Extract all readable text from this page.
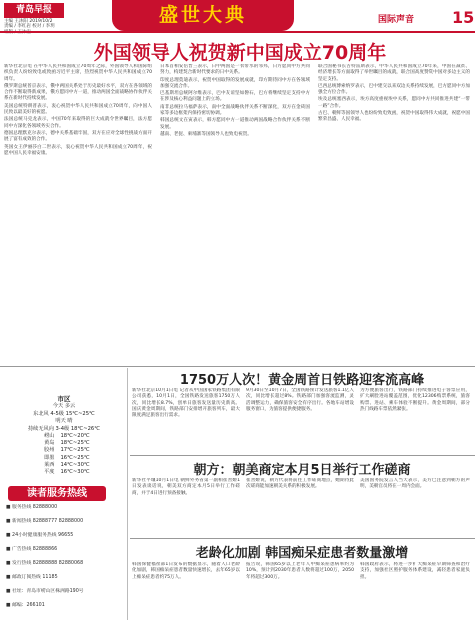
青岛早报
主编 王沐阳 2019/10/2
责编 / 李红岩 校对 / 李玥
盛世大典	国际声音 15
外国领导人祝贺新中国成立70周年

新华社北京电 在中华人民共和国成立70周年之际，外国领导人和国际组织负责人纷纷致电或致函习近平主席，热烈祝贺中华人民共和国成立70周年。

俄罗斯总统普京表示，俄中两国关系处于历史最好水平，双方在各领域的合作不断取得新成果，俄方愿同中方一道，推动两国全面战略协作伙伴关系在新时代持续发展。

美国总统特朗普表示，衷心祝贺中华人民共和国成立70周年，向中国人民致以最美好的祝愿。

法国总统马克龙表示，中国70年来取得的巨大成就令世界瞩目，法方愿同中方深化各领域务实合作。

德国总理默克尔表示，德中关系基础牢固，双方在应对全球性挑战方面开展了富有成效的合作。

英国女王伊丽莎白二世表示，衷心祝贺中华人民共和国成立70周年，祝愿中国人民幸福安康。

日本首相安倍晋三表示，日中两国是一衣带水的邻邦，日方愿同中方共同努力，构建契合新时代要求的日中关系。

印度总理莫迪表示，祝贺中国取得的发展成就，印方期待同中方在各领域加强交流合作。

巴基斯坦总统阿尔维表示，巴中友谊坚如磐石，巴方将继续坚定支持中方在涉及核心利益问题上的立场。

南非总统拉马福萨表示，南中全面战略伙伴关系不断深化，双方在金砖国家等多边框架内保持密切协调。

韩国总统文在寅表示，韩方愿同中方一道推动两国战略合作伙伴关系不断发展。

越南、老挝、柬埔寨等国领导人也致电祝贺。

联合国秘书长古特雷斯表示，中华人民共和国成立70年来，中国在减贫、经济增长等方面取得了举世瞩目的成就，联合国高度赞赏中国对多边主义的坚定支持。

巴西总统博索纳罗表示，巴中建交以来双边关系持续发展，巴方愿同中方加强全方位合作。

埃及总统塞西表示，埃方高度重视埃中关系，愿同中方共同推进共建“一带一路”合作。

古巴、朝鲜等国领导人也纷纷致电致函，祝贺中国取得伟大成就，祝愿中国繁荣昌盛、人民幸福。

1750万人次！黄金周首日铁路迎客流高峰
新华社北京10月1日电 记者从中国国家铁路集团有限公司获悉，10月1日，全国铁路发送旅客1750万人次，同比增长8.7%，创单日旅客发送量历史新高。国庆黄金周期间，铁路部门安排增开旅客列车，最大限度满足旅客出行需求。
9月30日至10月7日，全国铁路预计发送旅客1.1亿人次，同比增长超过8%。铁路部门加强客流监测，灵活调整运力，确保旅客安全有序出行。各地车站增设服务窗口，为旅客提供便捷服务。
为方便旅客出行，铁路部门持续推进电子客票应用，扩大刷脸进站覆盖范围，优化12306购票系统，旅客购票、进站、乘车体验不断提升。黄金周期间，部分热门线路车票依然紧张。
朝方：朝美商定本月5日举行工作磋商
新华社平壤10月1日电 朝鲜外务省第一副相崔善姬1日发表谈话说，朝美双方商定本月5日举行工作磋商，并于4日进行预备接触。
崔善姬说，朝方代表将前往工作磋商地点，她期待此次磋商能加速朝美关系的积极发展。
美国国务院发言人当天表示，美方已注意到朝方的声明，美朝官员将在一周内会面。
老龄化加剧 韩国痴呆症患者数量激增
韩国保健福祉部1日发布的数据显示，随着人口老龄化加剧，韩国痴呆症患者数量快速增长，去年65岁以上痴呆症患者约75万人。
报告说，韩国65岁以上老年人中痴呆症患病率约为10%，预计到2030年患者人数将超过100万，2050年将超过300万。
韩国政府表示，将进一步扩大痴呆症早期筛查和治疗支持，加强社区照护服务体系建设，减轻患者家庭负担。
市区
今天 多云
东北风 4-5级 15℃~25℃
明天 晴
持续无风向 3-4级 18℃~26℃
崂山 18℃~20℃
黄岛 18℃~25℃
胶州 17℃~25℃
即墨 16℃~25℃
莱西 14℃~30℃
平度 16℃~30℃
读者服务热线
■ 服务热线 82888000
■ 新闻热线 82888777 82888000
■ 24小时健康服务热线 96655
■ 广告热线 82888866
■ 发行热线 82888888 82880068
■ 邮政订阅热线 11185
■ 社址：青岛市崂山区株洲路190号
■ 邮编：266101
